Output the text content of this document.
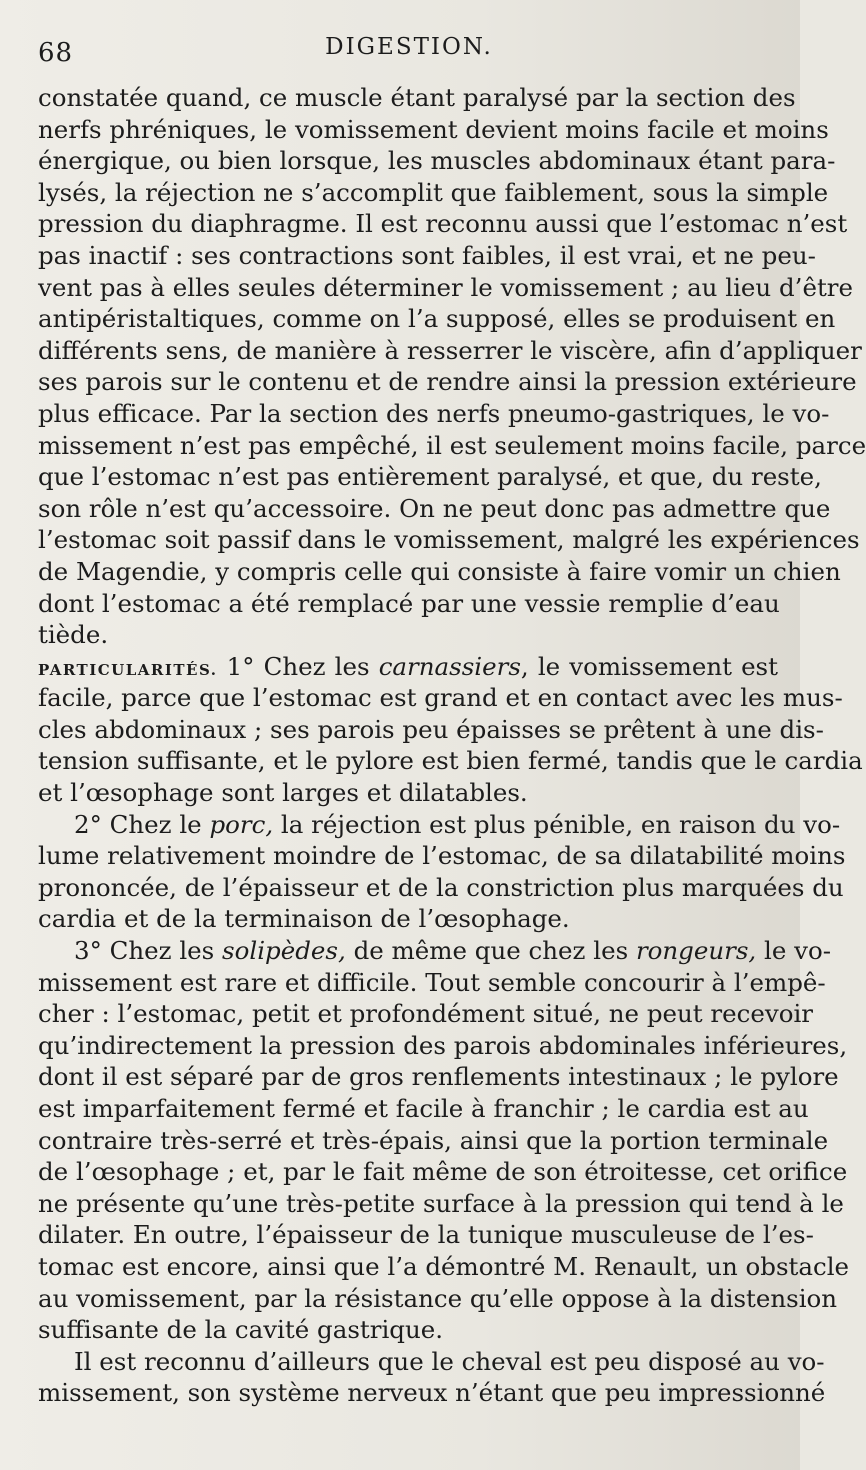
68	DIGESTION.
constatée quand, ce muscle étant paralysé par la section des
nerfs phréniques, le vomissement devient moins facile et moins
énergique, ou bien lorsque, les muscles abdominaux étant para-
lysés, la réjection ne s’accomplit que faiblement, sous la simple
pression du diaphragme. Il est reconnu aussi que l’estomac n’est
pas inactif : ses contractions sont faibles, il est vrai, et ne peu-
vent pas à elles seules déterminer le vomissement ; au lieu d’être
antipéristaltiques, comme on l’a supposé, elles se produisent en
différents sens, de manière à resserrer le viscère, afin d’appliquer
ses parois sur le contenu et de rendre ainsi la pression extérieure
plus efficace. Par la section des nerfs pneumo-gastriques, le vo-
missement n’est pas empêché, il est seulement moins facile, parce
que l’estomac n’est pas entièrement paralysé, et que, du reste,
son rôle n’est qu’accessoire. On ne peut donc pas admettre que
l’estomac soit passif dans le vomissement, malgré les expériences
de Magendie, y compris celle qui consiste à faire vomir un chien
dont l’estomac a été remplacé par une vessie remplie d’eau
tiède.
PARTICULARITÉS. 1° Chez les carnassiers, le vomissement est
facile, parce que l’estomac est grand et en contact avec les mus-
cles abdominaux ; ses parois peu épaisses se prêtent à une dis-
tension suffisante, et le pylore est bien fermé, tandis que le cardia
et l’œsophage sont larges et dilatables.
2° Chez le porc, la réjection est plus pénible, en raison du vo-
lume relativement moindre de l’estomac, de sa dilatabilité moins
prononcée, de l’épaisseur et de la constriction plus marquées du
cardia et de la terminaison de l’œsophage.
3° Chez les solipèdes, de même que chez les rongeurs, le vo-
missement est rare et difficile. Tout semble concourir à l’empê-
cher : l’estomac, petit et profondément situé, ne peut recevoir
qu’indirectement la pression des parois abdominales inférieures,
dont il est séparé par de gros renflements intestinaux ; le pylore
est imparfaitement fermé et facile à franchir ; le cardia est au
contraire très-serré et très-épais, ainsi que la portion terminale
de l’œsophage ; et, par le fait même de son étroitesse, cet orifice
ne présente qu’une très-petite surface à la pression qui tend à le
dilater. En outre, l’épaisseur de la tunique musculeuse de l’es-
tomac est encore, ainsi que l’a démontré M. Renault, un obstacle
au vomissement, par la résistance qu’elle oppose à la distension
suffisante de la cavité gastrique.
Il est reconnu d’ailleurs que le cheval est peu disposé au vo-
missement, son système nerveux n’étant que peu impressionné
